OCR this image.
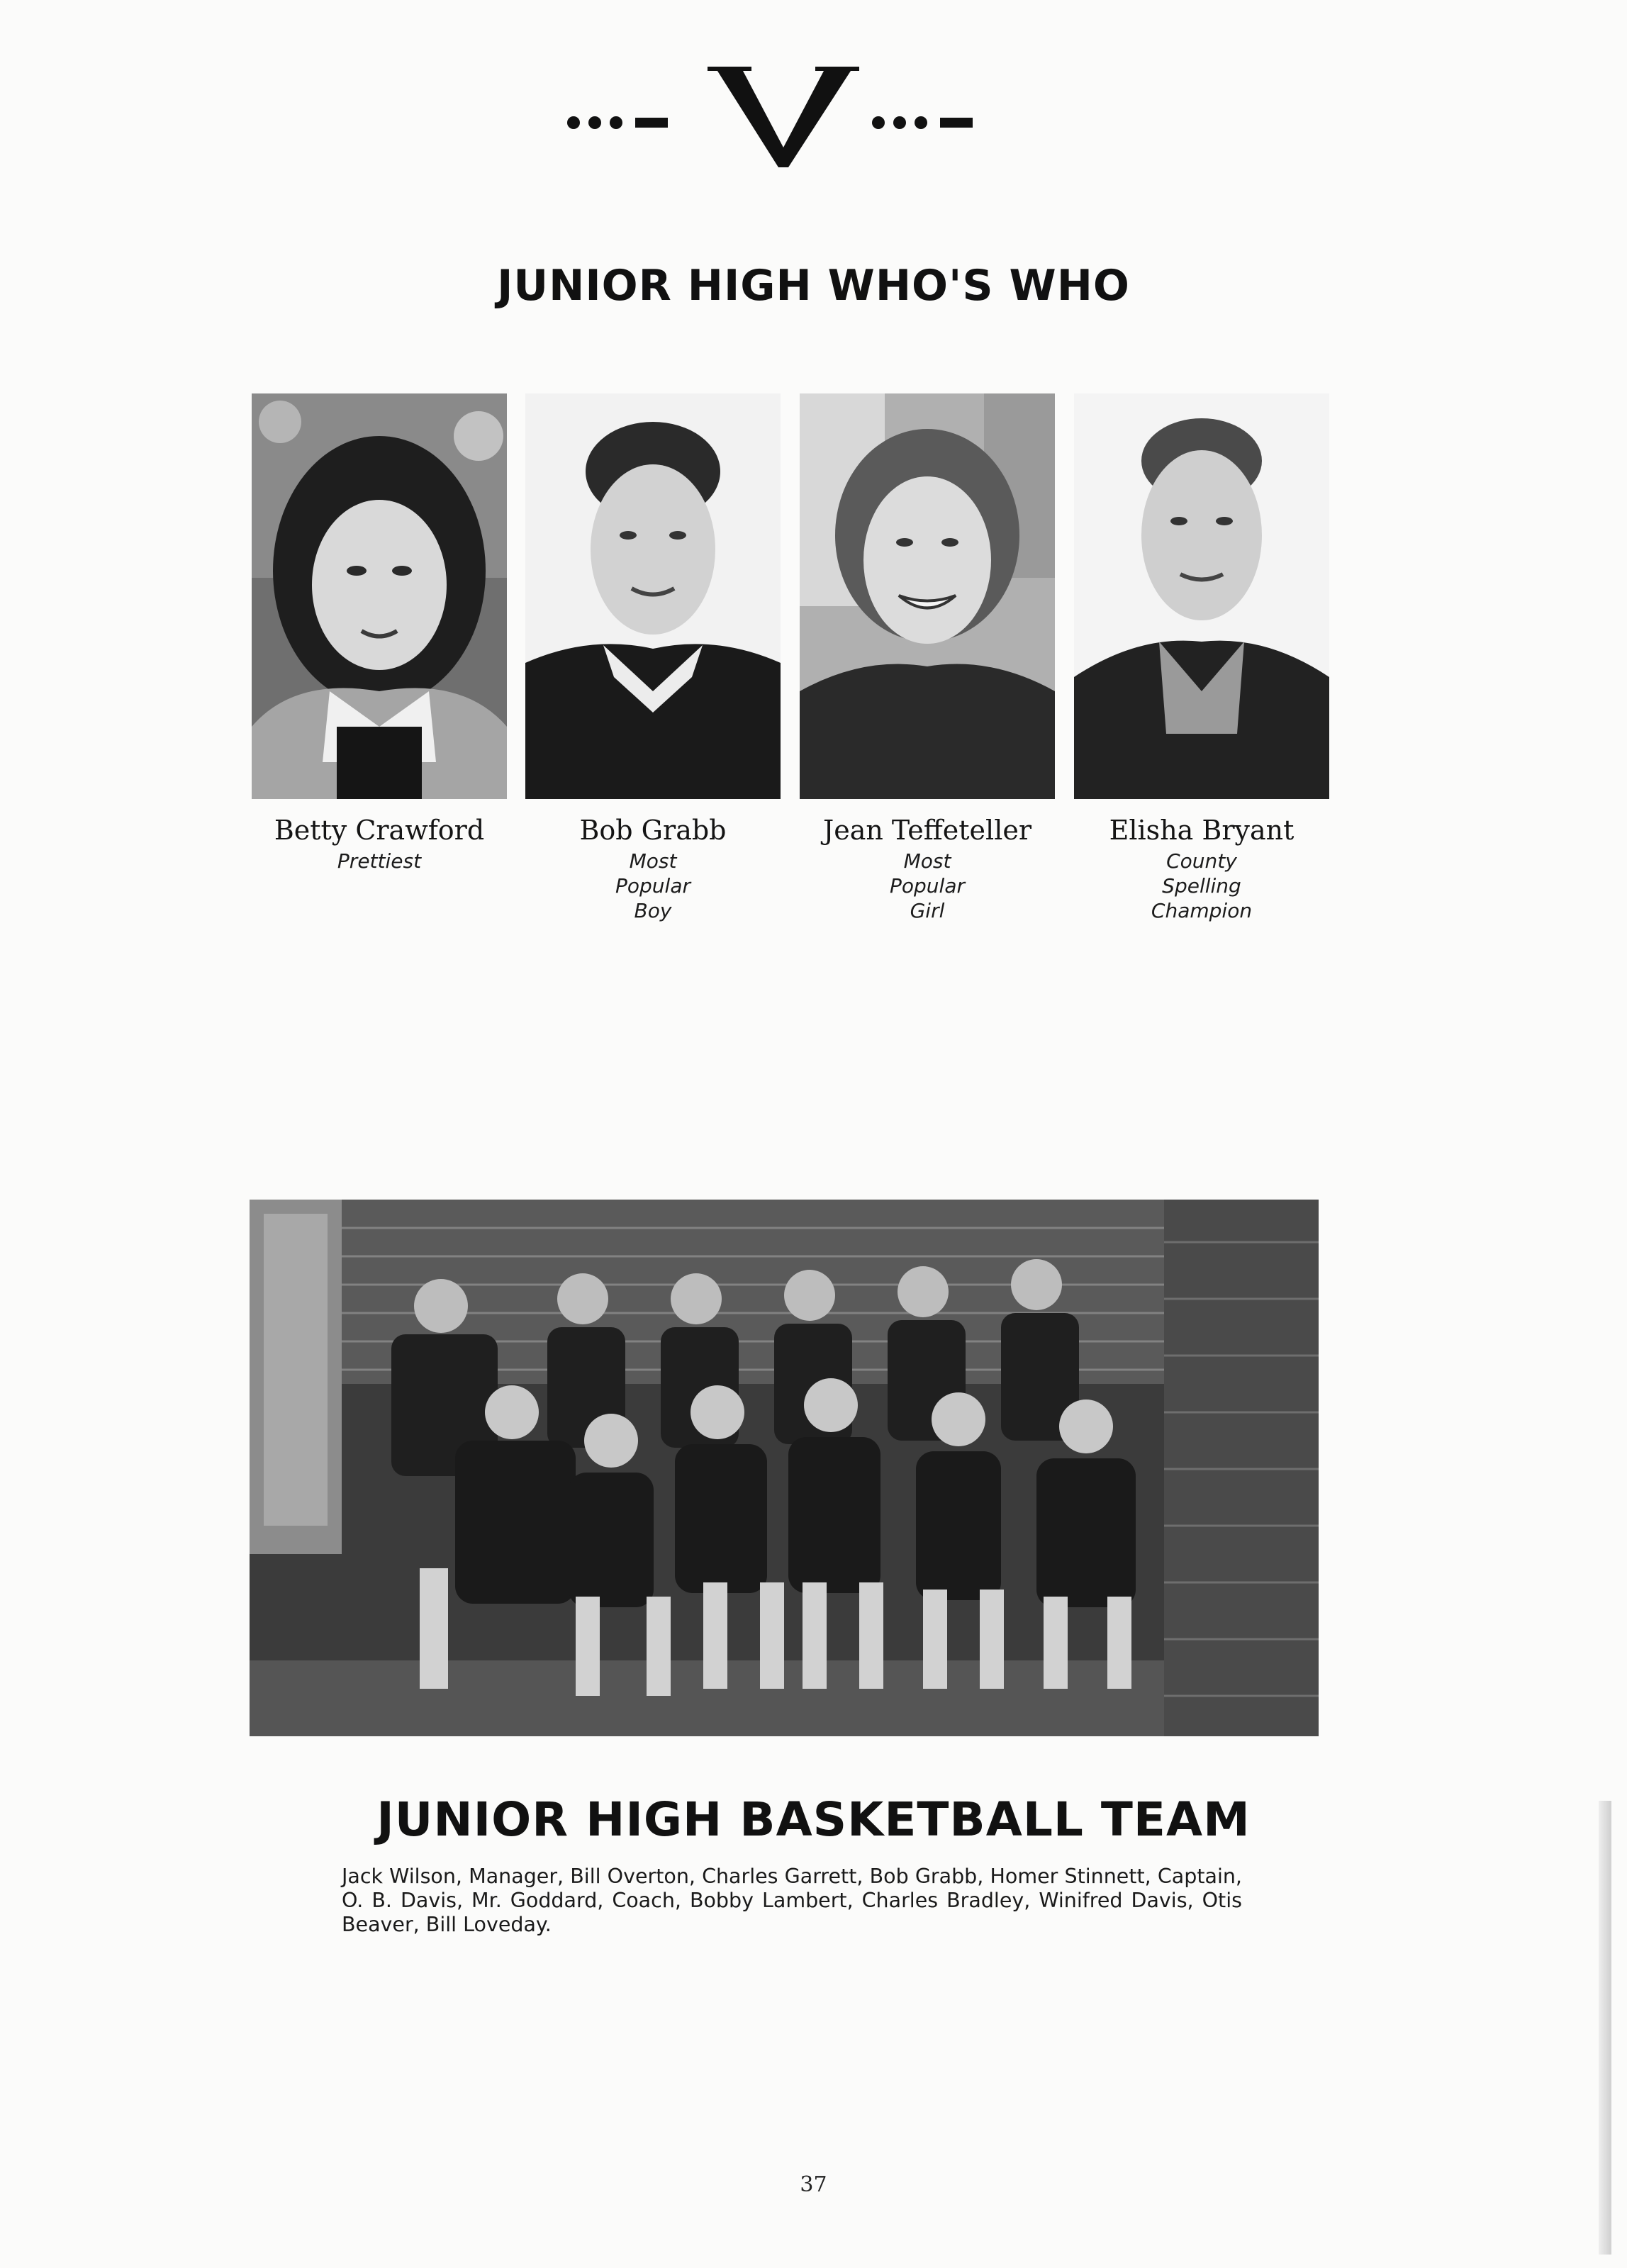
JUNIOR HIGH WHO'S WHO
Betty Crawford
Prettiest
Bob Grabb
Most
Popular
Boy
Jean Teffeteller
Most
Popular
Girl
Elisha Bryant
County
Spelling
Champion
JUNIOR HIGH BASKETBALL TEAM
Jack Wilson, Manager, Bill Overton, Charles Garrett, Bob Grabb, Homer Stinnett, Captain, O. B. Davis, Mr. Goddard, Coach, Bobby Lambert, Charles Bradley, Winifred Davis, Otis Beaver, Bill Loveday.
37
